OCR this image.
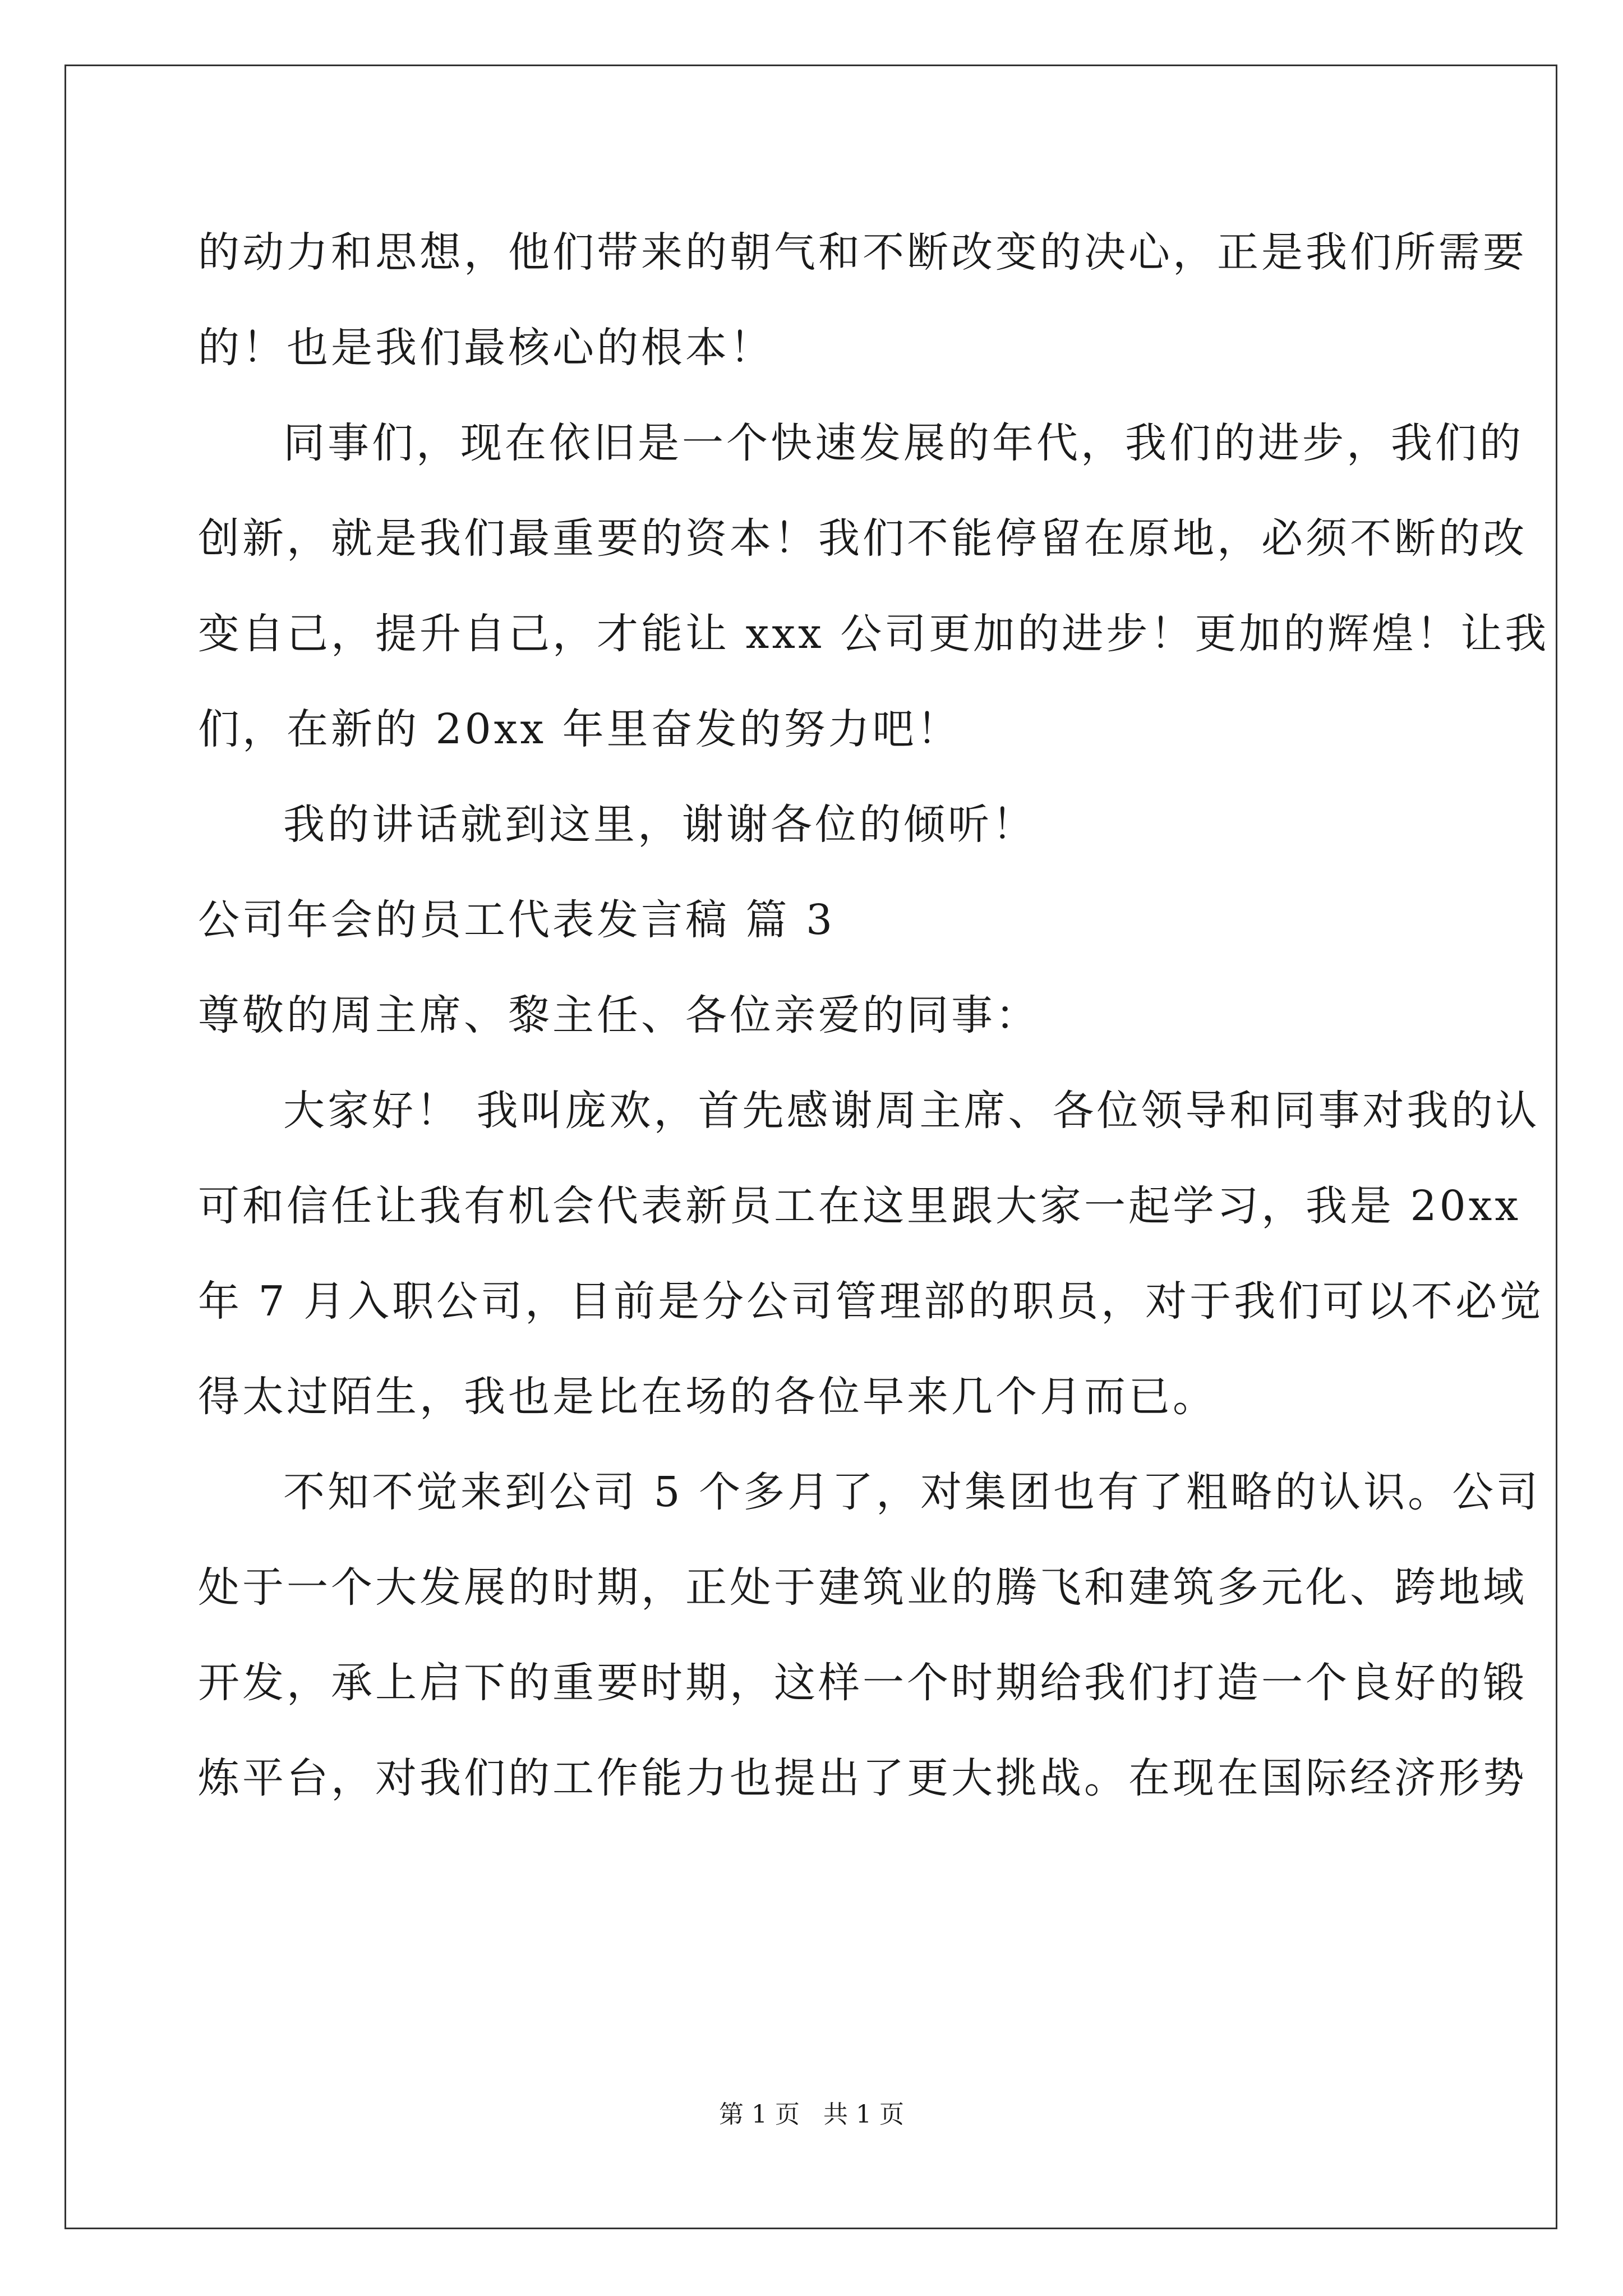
的动力和思想，他们带来的朝气和不断改变的决心，正是我们所需要
的！也是我们最核心的根本！
同事们，现在依旧是一个快速发展的年代，我们的进步，我们的
创新，就是我们最重要的资本！我们不能停留在原地，必须不断的改
变自己，提升自己，才能让 xxx 公司更加的进步！更加的辉煌！让我
们，在新的 20xx 年里奋发的努力吧！
我的讲话就到这里，谢谢各位的倾听！
公司年会的员工代表发言稿 篇 3
尊敬的周主席、黎主任、各位亲爱的同事：
大家好！ 我叫庞欢，首先感谢周主席、各位领导和同事对我的认
可和信任让我有机会代表新员工在这里跟大家一起学习，我是 20xx
年 7 月入职公司，目前是分公司管理部的职员，对于我们可以不必觉
得太过陌生，我也是比在场的各位早来几个月而已。
不知不觉来到公司 5 个多月了，对集团也有了粗略的认识。公司
处于一个大发展的时期，正处于建筑业的腾飞和建筑多元化、跨地域
开发，承上启下的重要时期，这样一个时期给我们打造一个良好的锻
炼平台，对我们的工作能力也提出了更大挑战。在现在国际经济形势
第 1 页   共 1 页
